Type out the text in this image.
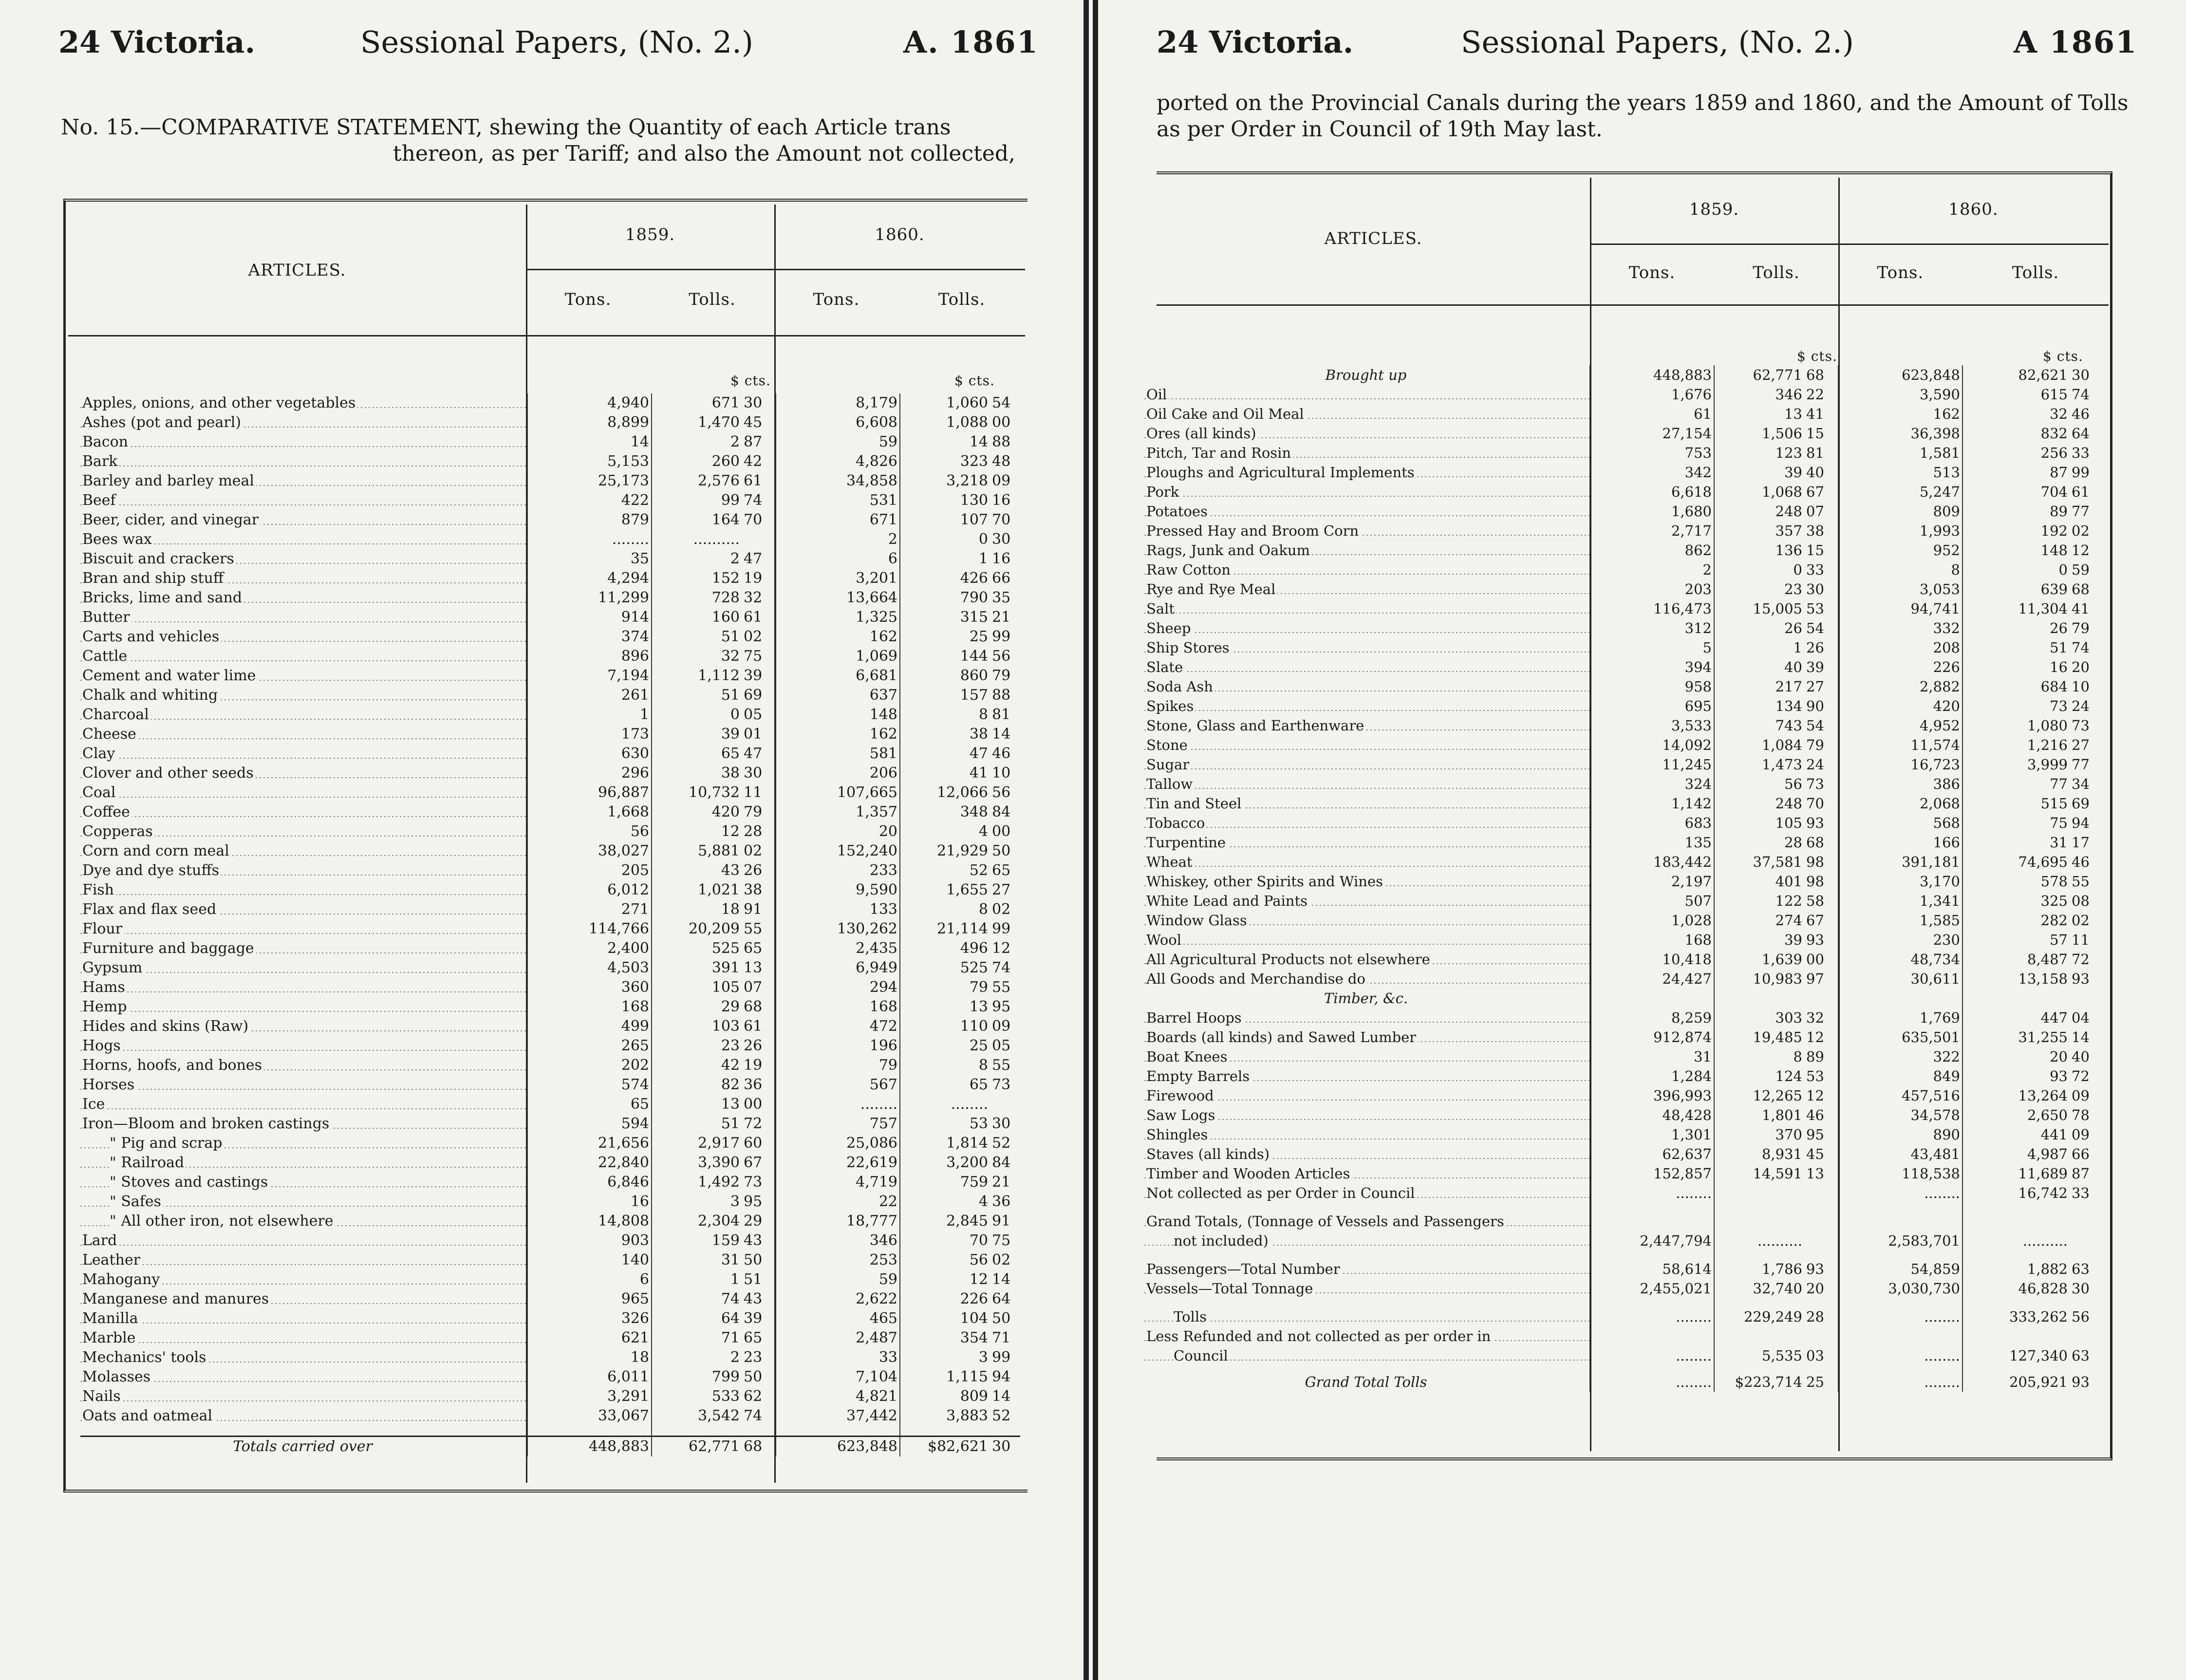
24 Victoria.	Sessional Papers, (No. 2.)	A. 1861
No. 15.—COMPARATIVE STATEMENT, shewing the Quantity of each Article trans
thereon, as per Tariff; and also the Amount not collected,
ARTICLES.
1859.	1860.
Tons.	Tolls.	Tons.	Tolls.
$ cts.	$ cts.
Apples, onions, and other vegetables	4,940	671	30	8,179	1,060	54
Ashes (pot and pearl)	8,899	1,470	45	6,608	1,088	00
Bacon	14	2	87	59	14	88
Bark	5,153	260	42	4,826	323	48
Barley and barley meal	25,173	2,576	61	34,858	3,218	09
Beef	422	99	74	531	130	16
Beer, cider, and vinegar	879	164	70	671	107	70
Bees wax	........	..........		2	0	30
Biscuit and crackers	35	2	47	6	1	16
Bran and ship stuff	4,294	152	19	3,201	426	66
Bricks, lime and sand	11,299	728	32	13,664	790	35
Butter	914	160	61	1,325	315	21
Carts and vehicles	374	51	02	162	25	99
Cattle	896	32	75	1,069	144	56
Cement and water lime	7,194	1,112	39	6,681	860	79
Chalk and whiting	261	51	69	637	157	88
Charcoal	1	0	05	148	8	81
Cheese	173	39	01	162	38	14
Clay	630	65	47	581	47	46
Clover and other seeds	296	38	30	206	41	10
Coal	96,887	10,732	11	107,665	12,066	56
Coffee	1,668	420	79	1,357	348	84
Copperas	56	12	28	20	4	00
Corn and corn meal	38,027	5,881	02	152,240	21,929	50
Dye and dye stuffs	205	43	26	233	52	65
Fish	6,012	1,021	38	9,590	1,655	27
Flax and flax seed	271	18	91	133	8	02
Flour	114,766	20,209	55	130,262	21,114	99
Furniture and baggage	2,400	525	65	2,435	496	12
Gypsum	4,503	391	13	6,949	525	74
Hams	360	105	07	294	79	55
Hemp	168	29	68	168	13	95
Hides and skins (Raw)	499	103	61	472	110	09
Hogs	265	23	26	196	25	05
Horns, hoofs, and bones	202	42	19	79	8	55
Horses	574	82	36	567	65	73
Ice	65	13	00	........	........	
Iron—Bloom and broken castings	594	51	72	757	53	30
" Pig and scrap	21,656	2,917	60	25,086	1,814	52
" Railroad	22,840	3,390	67	22,619	3,200	84
" Stoves and castings	6,846	1,492	73	4,719	759	21
" Safes	16	3	95	22	4	36
" All other iron, not elsewhere	14,808	2,304	29	18,777	2,845	91
Lard	903	159	43	346	70	75
Leather	140	31	50	253	56	02
Mahogany	6	1	51	59	12	14
Manganese and manures	965	74	43	2,622	226	64
Manilla	326	64	39	465	104	50
Marble	621	71	65	2,487	354	71
Mechanics' tools	18	2	23	33	3	99
Molasses	6,011	799	50	7,104	1,115	94
Nails	3,291	533	62	4,821	809	14
Oats and oatmeal	33,067	3,542	74	37,442	3,883	52

Totals carried over	448,883	62,771	68	623,848	$82,621	30
24 Victoria.	Sessional Papers, (No. 2.)	A 1861
ported on the Provincial Canals during the years 1859 and 1860, and the Amount of Tolls
as per Order in Council of 19th May last.
ARTICLES.
1859.	1860.
Tons.	Tolls.	Tons.	Tolls.
$ cts.	$ cts.
Brought up	448,883	62,771	68	623,848	82,621	30
Oil	1,676	346	22	3,590	615	74
Oil Cake and Oil Meal	61	13	41	162	32	46
Ores (all kinds)	27,154	1,506	15	36,398	832	64
Pitch, Tar and Rosin	753	123	81	1,581	256	33
Ploughs and Agricultural Implements	342	39	40	513	87	99
Pork	6,618	1,068	67	5,247	704	61
Potatoes	1,680	248	07	809	89	77
Pressed Hay and Broom Corn	2,717	357	38	1,993	192	02
Rags, Junk and Oakum	862	136	15	952	148	12
Raw Cotton	2	0	33	8	0	59
Rye and Rye Meal	203	23	30	3,053	639	68
Salt	116,473	15,005	53	94,741	11,304	41
Sheep	312	26	54	332	26	79
Ship Stores	5	1	26	208	51	74
Slate	394	40	39	226	16	20
Soda Ash	958	217	27	2,882	684	10
Spikes	695	134	90	420	73	24
Stone, Glass and Earthenware	3,533	743	54	4,952	1,080	73
Stone	14,092	1,084	79	11,574	1,216	27
Sugar	11,245	1,473	24	16,723	3,999	77
Tallow	324	56	73	386	77	34
Tin and Steel	1,142	248	70	2,068	515	69
Tobacco	683	105	93	568	75	94
Turpentine	135	28	68	166	31	17
Wheat	183,442	37,581	98	391,181	74,695	46
Whiskey, other Spirits and Wines	2,197	401	98	3,170	578	55
White Lead and Paints	507	122	58	1,341	325	08
Window Glass	1,028	274	67	1,585	282	02
Wool	168	39	93	230	57	11
All Agricultural Products not elsewhere	10,418	1,639	00	48,734	8,487	72
All Goods and Merchandise do	24,427	10,983	97	30,611	13,158	93
Timber, &c.						
Barrel Hoops	8,259	303	32	1,769	447	04
Boards (all kinds) and Sawed Lumber	912,874	19,485	12	635,501	31,255	14
Boat Knees	31	8	89	322	20	40
Empty Barrels	1,284	124	53	849	93	72
Firewood	396,993	12,265	12	457,516	13,264	09
Saw Logs	48,428	1,801	46	34,578	2,650	78
Shingles	1,301	370	95	890	441	09
Staves (all kinds)	62,637	8,931	45	43,481	4,987	66
Timber and Wooden Articles	152,857	14,591	13	118,538	11,689	87
Not collected as per Order in Council	........			........	16,742	33

Grand Totals, (Tonnage of Vessels and Passengers						
not included)	2,447,794	..........		2,583,701	..........	

Passengers—Total Number	58,614	1,786	93	54,859	1,882	63
Vessels—Total Tonnage	2,455,021	32,740	20	3,030,730	46,828	30

Tolls	........	229,249	28	........	333,262	56
Less Refunded and not collected as per order in						
Council	........	5,535	03	........	127,340	63

Grand Total Tolls	........	$223,714	25	........	205,921	93
